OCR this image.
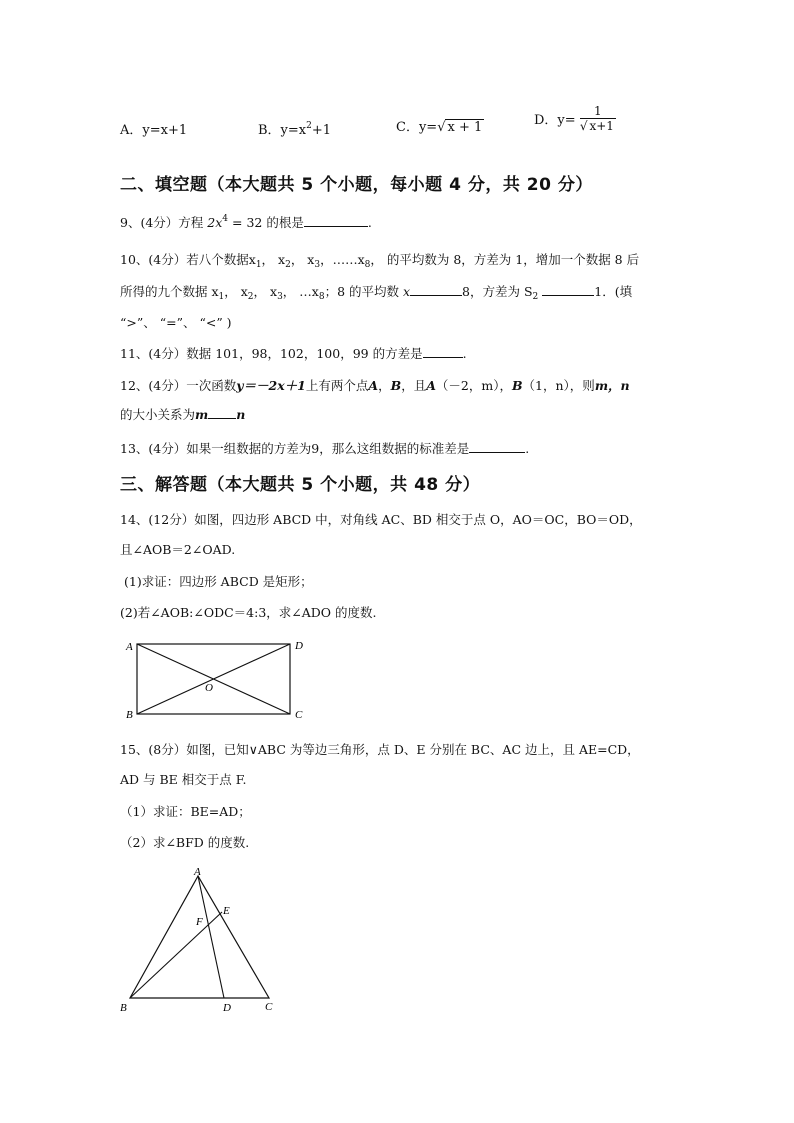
A．y=x+1	B．$y=x^2+1$	C．y=√ x + 1	D．$y= \frac{1}{√ x+1}$
二、填空题（本大题共 5 个小题，每小题 4 分，共 20 分）
9、(4分）方程 $2x^4 = 32$ 的根是	.
10、(4分）若八个数据$x_1$， $x_2$， $x_3$，$\dots\dots x_8$， 的平均数为 8，方差为 1，增加一个数据 8 后
所得的九个数据 $x_1$， $x_2$， $x_3$， $\dots x_8$；8 的平均数 x	8，方差为 $S_2$	1．(填
“>”、 “=”、 “<” )
11、(4分）数据 101，98，102，100，99 的方差是	.
12、(4分）一次函数y＝－2x＋1上有两个点A，B，且A（－2，m），B（1，n），则m，n
的大小关系为m n
13、(4分）如果一组数据的方差为9，那么这组数据的标准差是	.
三、解答题（本大题共 5 个小题，共 48 分）
14、(12分）如图，四边形 ABCD 中，对角线 AC、BD 相交于点 O，AO＝OC，BO＝OD，
且∠AOB＝2∠OAD.
(1)求证：四边形 ABCD 是矩形；
(2)若∠AOB:∠ODC＝4:3，求∠ADO 的度数.
A	D
B	C
O
15、(8分）如图，已知∨ABC 为等边三角形，点 D、E 分别在 BC、AC 边上，且 AE=CD，
AD 与 BE 相交于点 F.
（1）求证：BE=AD；
（2）求∠BFD 的度数.
A
E
F
B	D	C
